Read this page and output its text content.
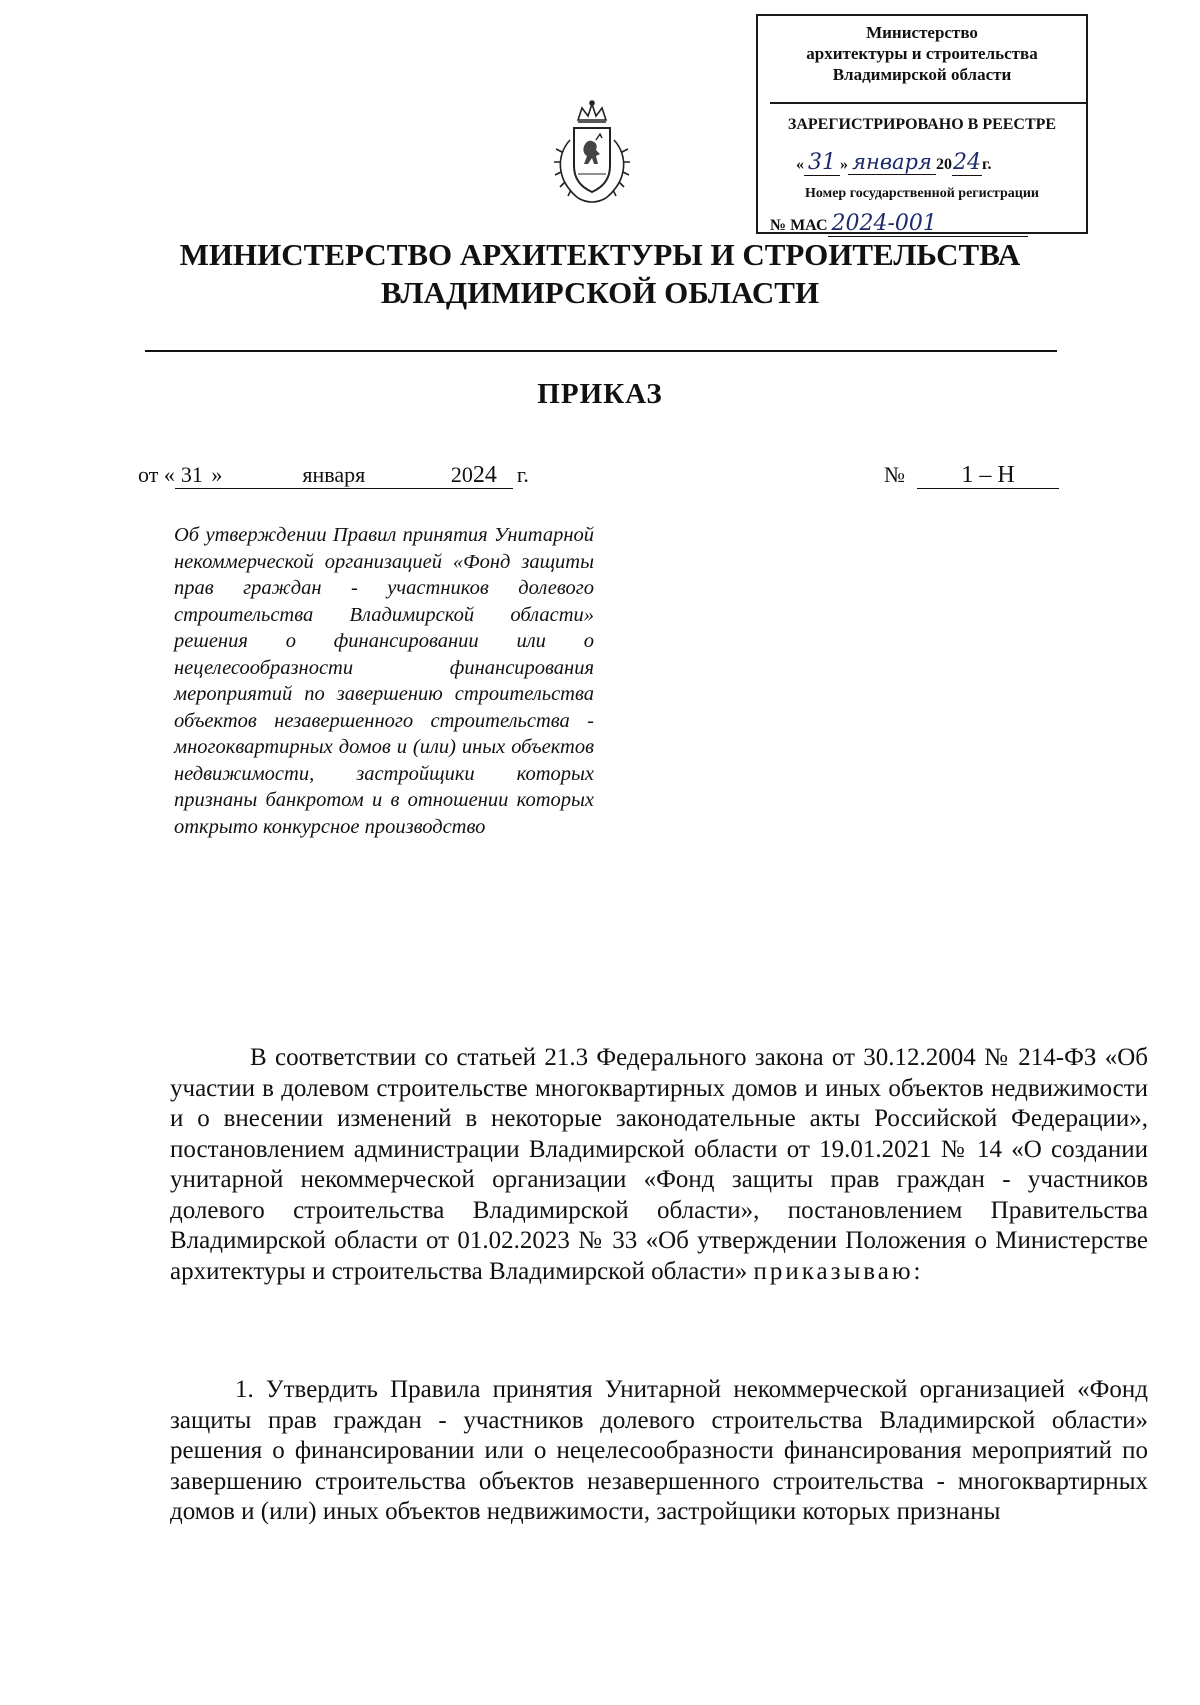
Министерство
архитектуры и строительства
Владимирской области
ЗАРЕГИСТРИРОВАНО В РЕЕСТРЕ
« 31 » января 2024г.
Номер государственной регистрации
№ МАС 2024-001
МИНИСТЕРСТВО АРХИТЕКТУРЫ И СТРОИТЕЛЬСТВА
ВЛАДИМИРСКОЙ ОБЛАСТИ
ПРИКАЗ
от « 31 »	января	2024 г.	№ 1 – Н
Об утверждении Правил принятия Унитарной некоммерческой организацией «Фонд защиты прав граждан - участников долевого строительства Владимирской области» решения о финансировании или о нецелесообразности финансирования мероприятий по завершению строительства объектов незавершенного строительства - многоквартирных домов и (или) иных объектов недвижимости, застройщики которых признаны банкротом и в отношении которых открыто конкурсное производство
В соответствии со статьей 21.3 Федерального закона от 30.12.2004 № 214-ФЗ «Об участии в долевом строительстве многоквартирных домов и иных объектов недвижимости и о внесении изменений в некоторые законодательные акты Российской Федерации», постановлением администрации Владимирской области от 19.01.2021 № 14 «О создании унитарной некоммерческой организации «Фонд защиты прав граждан - участников долевого строительства Владимирской области», постановлением Правительства Владимирской области от 01.02.2023 № 33 «Об утверждении Положения о Министерстве архитектуры и строительства Владимирской области» приказываю:
1. Утвердить Правила принятия Унитарной некоммерческой организацией «Фонд защиты прав граждан - участников долевого строительства Владимирской области» решения о финансировании или о нецелесообразности финансирования мероприятий по завершению строительства объектов незавершенного строительства - многоквартирных домов и (или) иных объектов недвижимости, застройщики которых признаны
